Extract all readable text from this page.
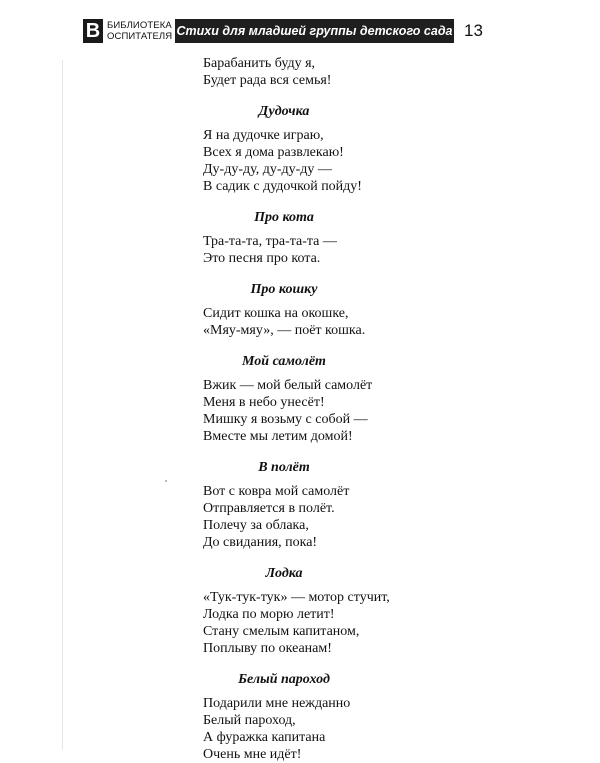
B БИБЛИОТЕКА
ОСПИТАТЕЛЯ Стихи для младшей группы детского сада 13
Барабанить буду я,
Будет рада вся семья!
Дудочка
Я на дудочке играю,
Всех я дома развлекаю!
Ду-ду-ду, ду-ду-ду —
В садик с дудочкой пойду!
Про кота
Тра-та-та, тра-та-та —
Это песня про кота.
Про кошку
Сидит кошка на окошке,
«Мяу-мяу», — поёт кошка.
Мой самолёт
Вжик — мой белый самолёт
Меня в небо унесёт!
Мишку я возьму с собой —
Вместе мы летим домой!
В полёт
Вот с ковра мой самолёт
Отправляется в полёт.
Полечу за облака,
До свидания, пока!
Лодка
«Тук-тук-тук» — мотор стучит,
Лодка по морю летит!
Стану смелым капитаном,
Поплыву по океанам!
Белый пароход
Подарили мне нежданно
Белый пароход,
А фуражка капитана
Очень мне идёт!
